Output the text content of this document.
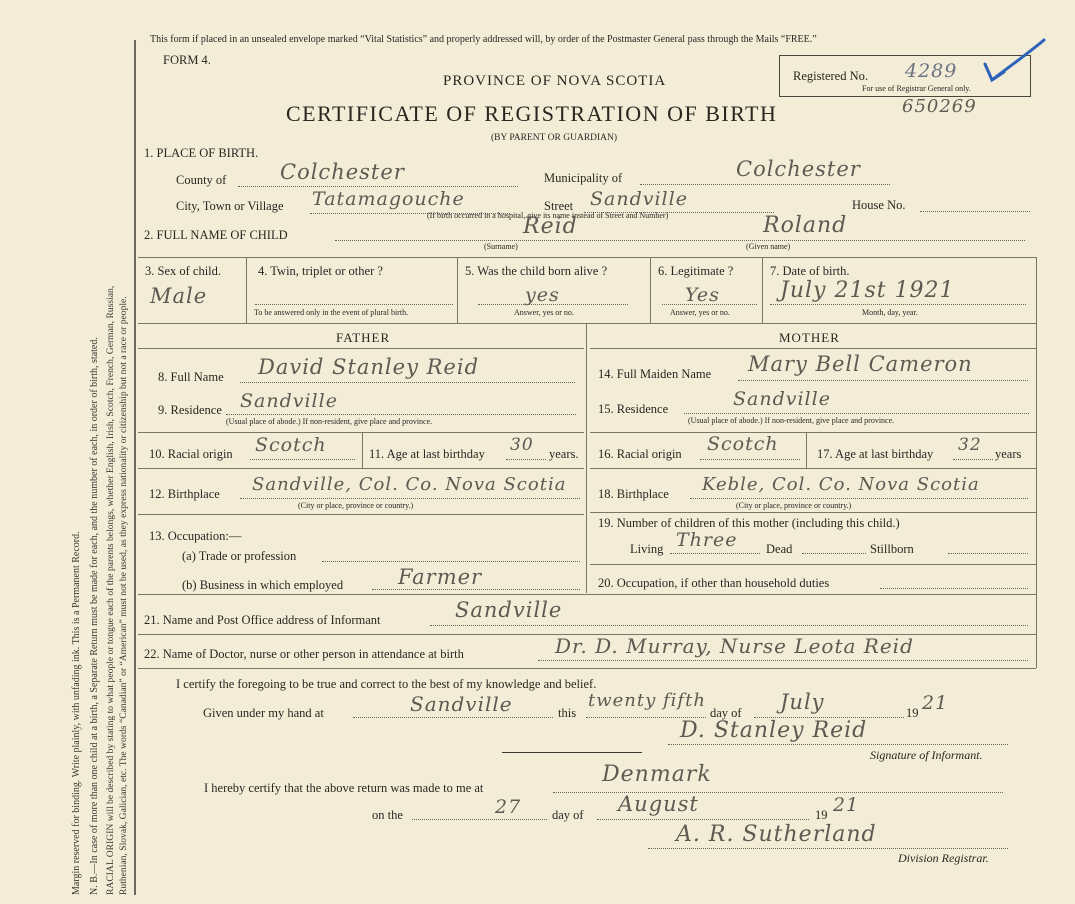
Margin reserved for binding. Write plainly, with unfading ink. This is a Permanent Record. N. B.—In case of more than one child at a birth, a Separate Return must be made for each, and the number of each, in order of birth, stated. RACIAL ORIGIN will be described by stating to what people or tongue each of the parents belongs, whether English, Irish, Scotch, French, German, Russian, Ruthenian, Slovak, Galician, etc. The words “Canadian” or “American” must not be used, as they express nationality or citizenship but not a race or people.
This form if placed in an unsealed envelope marked “Vital Statistics” and properly addressed will, by order of the Postmaster General pass through the Mails “FREE.”
FORM 4.
PROVINCE OF NOVA SCOTIA
CERTIFICATE OF REGISTRATION OF BIRTH
(BY PARENT OR GUARDIAN)
Registered No. 4289
For use of Registrar General only.
650269
1. PLACE OF BIRTH.
County of	Colchester	Municipality of	Colchester
City, Town or Village Tatamagouche	Street Sandville	House No.
(If birth occurred in a hospital, give its name instead of Street and Number)
2. FULL NAME OF CHILD	Reid	Roland
(Surname)	(Given name)
3. Sex of child.
Male
4. Twin, triplet or other ?
To be answered only in the event of plural birth.
5. Was the child born alive ?
yes
Answer, yes or no.
6. Legitimate ?
Yes
Answer, yes or no.
7. Date of birth.
July 21st 1921
Month, day, year.
FATHER	MOTHER
8. Full Name David Stanley Reid
9. Residence Sandville
(Usual place of abode.) If non-resident, give place and province.
10. Racial origin Scotch	11. Age at last birthday 30 years.
12. Birthplace Sandville, Col. Co. Nova Scotia
(City or place, province or country.)
13. Occupation:—
(a) Trade or profession
(b) Business in which employed	Farmer
14. Full Maiden Name Mary Bell Cameron
15. Residence	Sandville
(Usual place of abode.) If non-resident, give place and province.
16. Racial origin Scotch	17. Age at last birthday 32 years
18. Birthplace Keble, Col. Co. Nova Scotia
(City or place, province or country.)
19. Number of children of this mother (including this child.)
Living Three Dead	Stillborn
20. Occupation, if other than household duties
21. Name and Post Office address of Informant	Sandville
22. Name of Doctor, nurse or other person in attendance at birth	Dr. D. Murray, Nurse Leota Reid
I certify the foregoing to be true and correct to the best of my knowledge and belief.
Given under my hand at	Sandville	this
twenty fifth
day of July	19 21
D. Stanley Reid
Signature of Informant.
I hereby certify that the above return was made to me at
Denmark
on the	27 day of August	19 21
A. R. Sutherland
Division Registrar.
